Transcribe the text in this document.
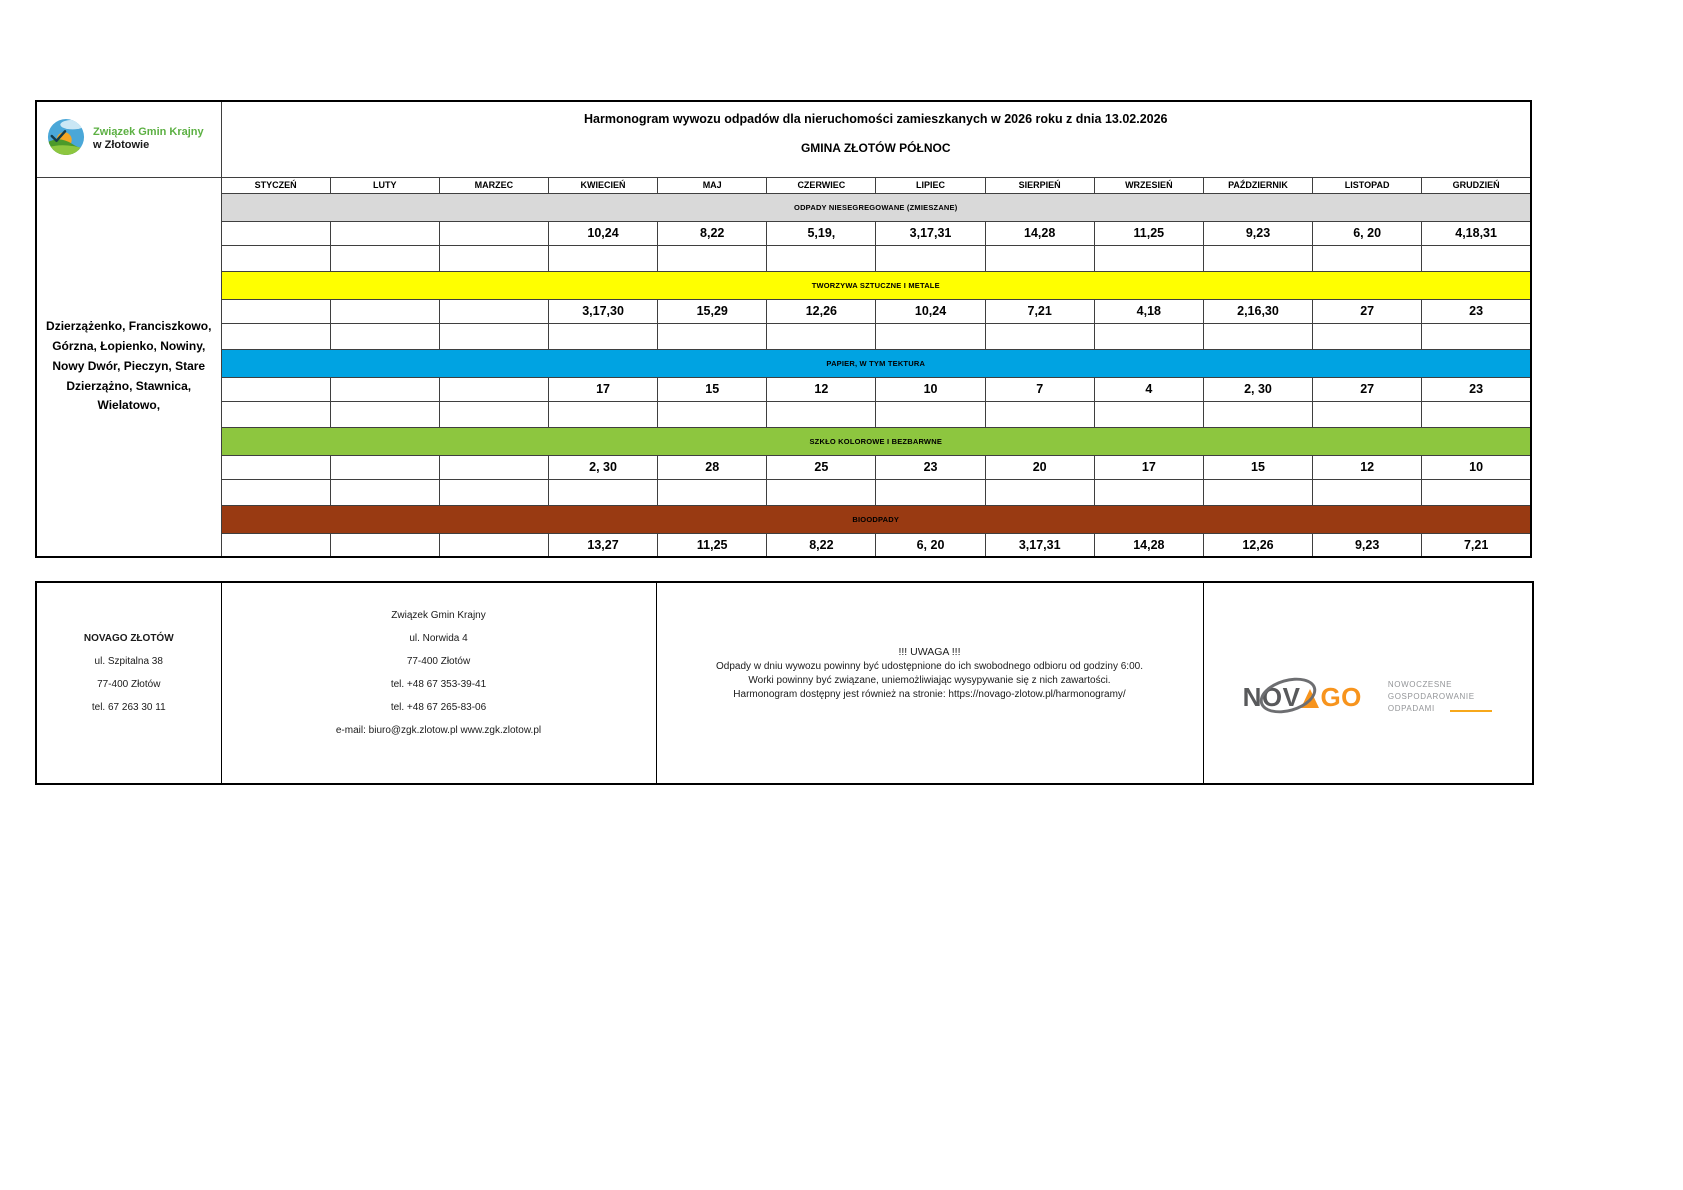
Związek Gmin Krajny
w Złotowie

Harmonogram wywozu odpadów dla nieruchomości zamieszkanych w 2026 roku z dnia 13.02.2026
GMINA ZŁOTÓW PÓŁNOC

Dzierzążenko, Franciszkowo, Górzna, Łopienko, Nowiny, Nowy Dwór, Pieczyn, Stare Dzierzążno, Stawnica, Wielatowo,	STYCZEŃ	LUTY	MARZEC	KWIECIEŃ	MAJ	CZERWIEC	LIPIEC	SIERPIEŃ	WRZESIEŃ	PAŹDZIERNIK	LISTOPAD	GRUDZIEŃ
	ODPADY NIESEGREGOWANE (ZMIESZANE)											
				10,24	8,22	5,19,	3,17,31	14,28	11,25	9,23	6, 20	4,18,31

	TWORZYWA SZTUCZNE I METALE											
				3,17,30	15,29	12,26	10,24	7,21	4,18	2,16,30	27	23

	PAPIER, W TYM TEKTURA											
				17	15	12	10	7	4	2, 30	27	23

	SZKŁO KOLOROWE I BEZBARWNE											
				2, 30	28	25	23	20	17	15	12	10

	BIOODPADY											
				13,27	11,25	8,22	6, 20	3,17,31	14,28	12,26	9,23	7,21
NOVAGO ZŁOTÓW
ul. Szpitalna 38
77-400 Złotów
tel. 67 263 30 11

Związek Gmin Krajny
ul. Norwida 4
77-400 Złotów
tel. +48 67 353-39-41
tel. +48 67 265-83-06
e-mail: biuro@zgk.zlotow.pl www.zgk.zlotow.pl

!!! UWAGA !!!
Odpady w dniu wywozu powinny być udostępnione do ich swobodnego odbioru od godziny 6:00.
Worki powinny być związane, uniemożliwiając wysypywanie się z nich zawartości.
Harmonogram dostępny jest również na stronie: https://novago-zlotow.pl/harmonogramy/	NOV GO	NOWOCZESNE
GOSPODAROWANIE
ODPADAMI
